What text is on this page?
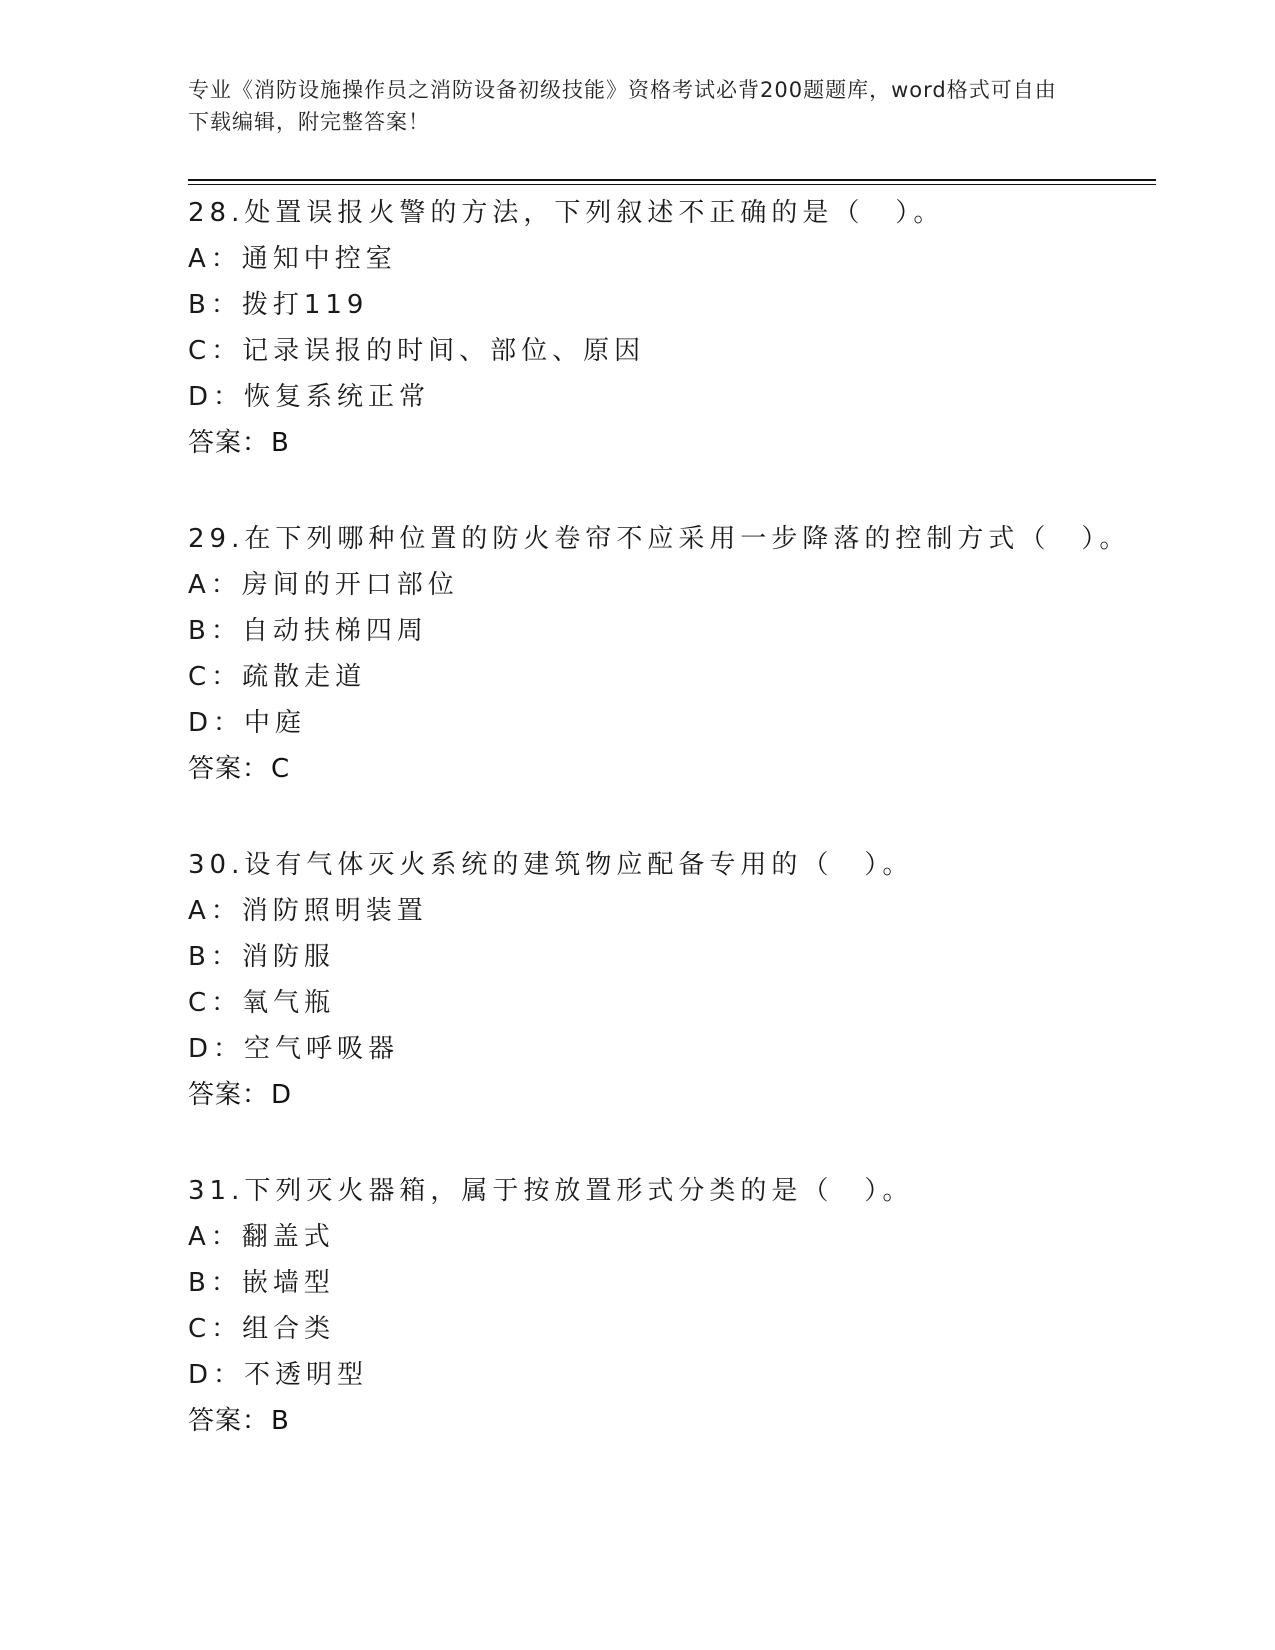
专业《消防设施操作员之消防设备初级技能》资格考试必背200题题库，word格式可自由下载编辑，附完整答案！
28.处置误报火警的方法，下列叙述不正确的是（　）。
A：通知中控室
B：拨打119
C：记录误报的时间、部位、原因
D：恢复系统正常
答案：B
29.在下列哪种位置的防火卷帘不应采用一步降落的控制方式（　）。
A：房间的开口部位
B：自动扶梯四周
C：疏散走道
D：中庭
答案：C
30.设有气体灭火系统的建筑物应配备专用的（　）。
A：消防照明装置
B：消防服
C：氧气瓶
D：空气呼吸器
答案：D
31.下列灭火器箱，属于按放置形式分类的是（　）。
A：翻盖式
B：嵌墙型
C：组合类
D：不透明型
答案：B
